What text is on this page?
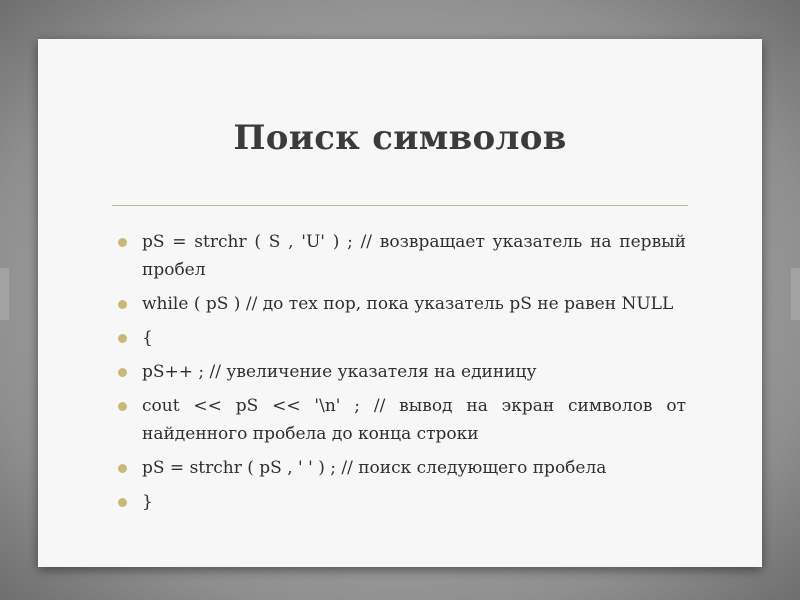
Поиск символов
pS = strchr ( S , 'U' ) ; // возвращает указатель на первый пробел
while ( pS ) // до тех пор, пока указатель pS не равен NULL
{
pS++ ; // увеличение указателя на единицу
cout << pS << '\n' ; // вывод на экран символов от найденного пробела до конца строки
pS = strchr ( pS , ' ' ) ; // поиск следующего пробела
}
